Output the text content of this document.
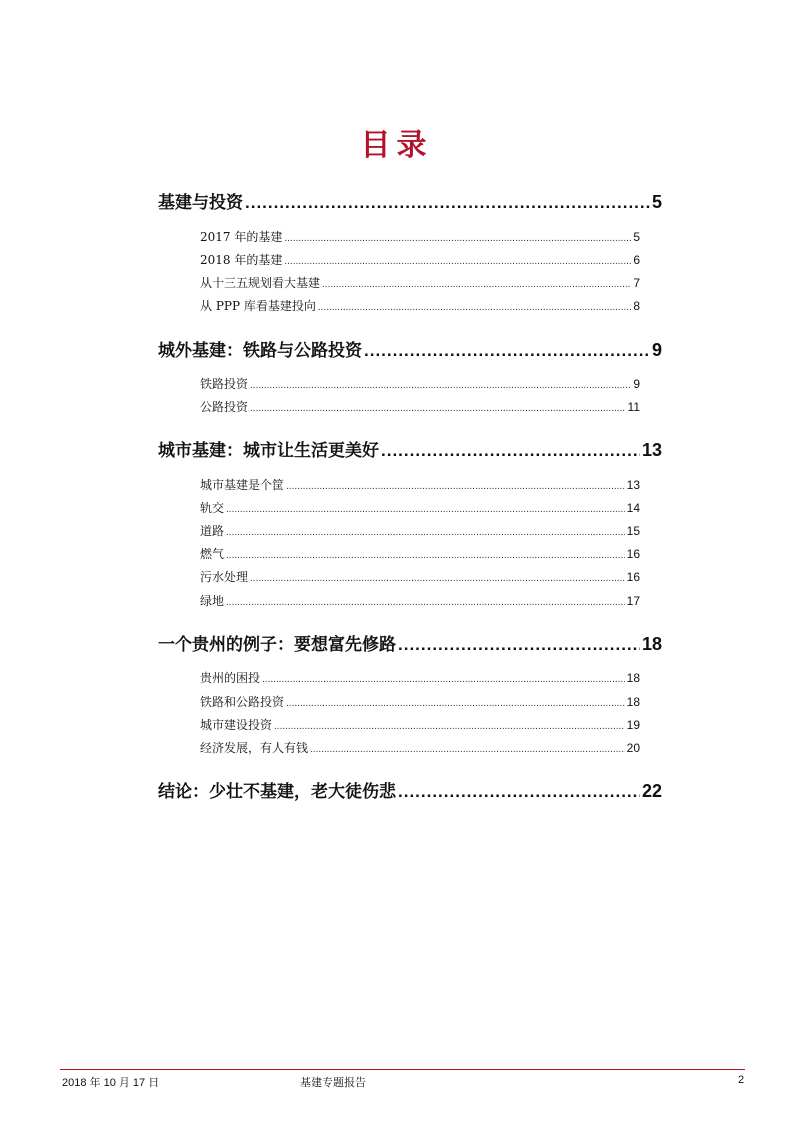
目录
基建与投资 .....	5
2017 年的基建 .....	5
2018 年的基建 .....	6
从十三五规划看大基建 .....	7
从 PPP 库看基建投向 .....	8
城外基建：铁路与公路投资 .....	9
铁路投资 .....	9
公路投资 .....	11
城市基建：城市让生活更美好 .....	13
城市基建是个筐 .....	13
轨交 .....	14
道路 .....	15
燃气 .....	16
污水处理 .....	16
绿地 .....	17
一个贵州的例子：要想富先修路 .....	18
贵州的困投 .....	18
铁路和公路投资 .....	18
城市建设投资 .....	19
经济发展，有人有钱 .....	20
结论：少壮不基建，老大徒伤悲 .....	22
2018 年 10 月 17 日	基建专题报告	2
